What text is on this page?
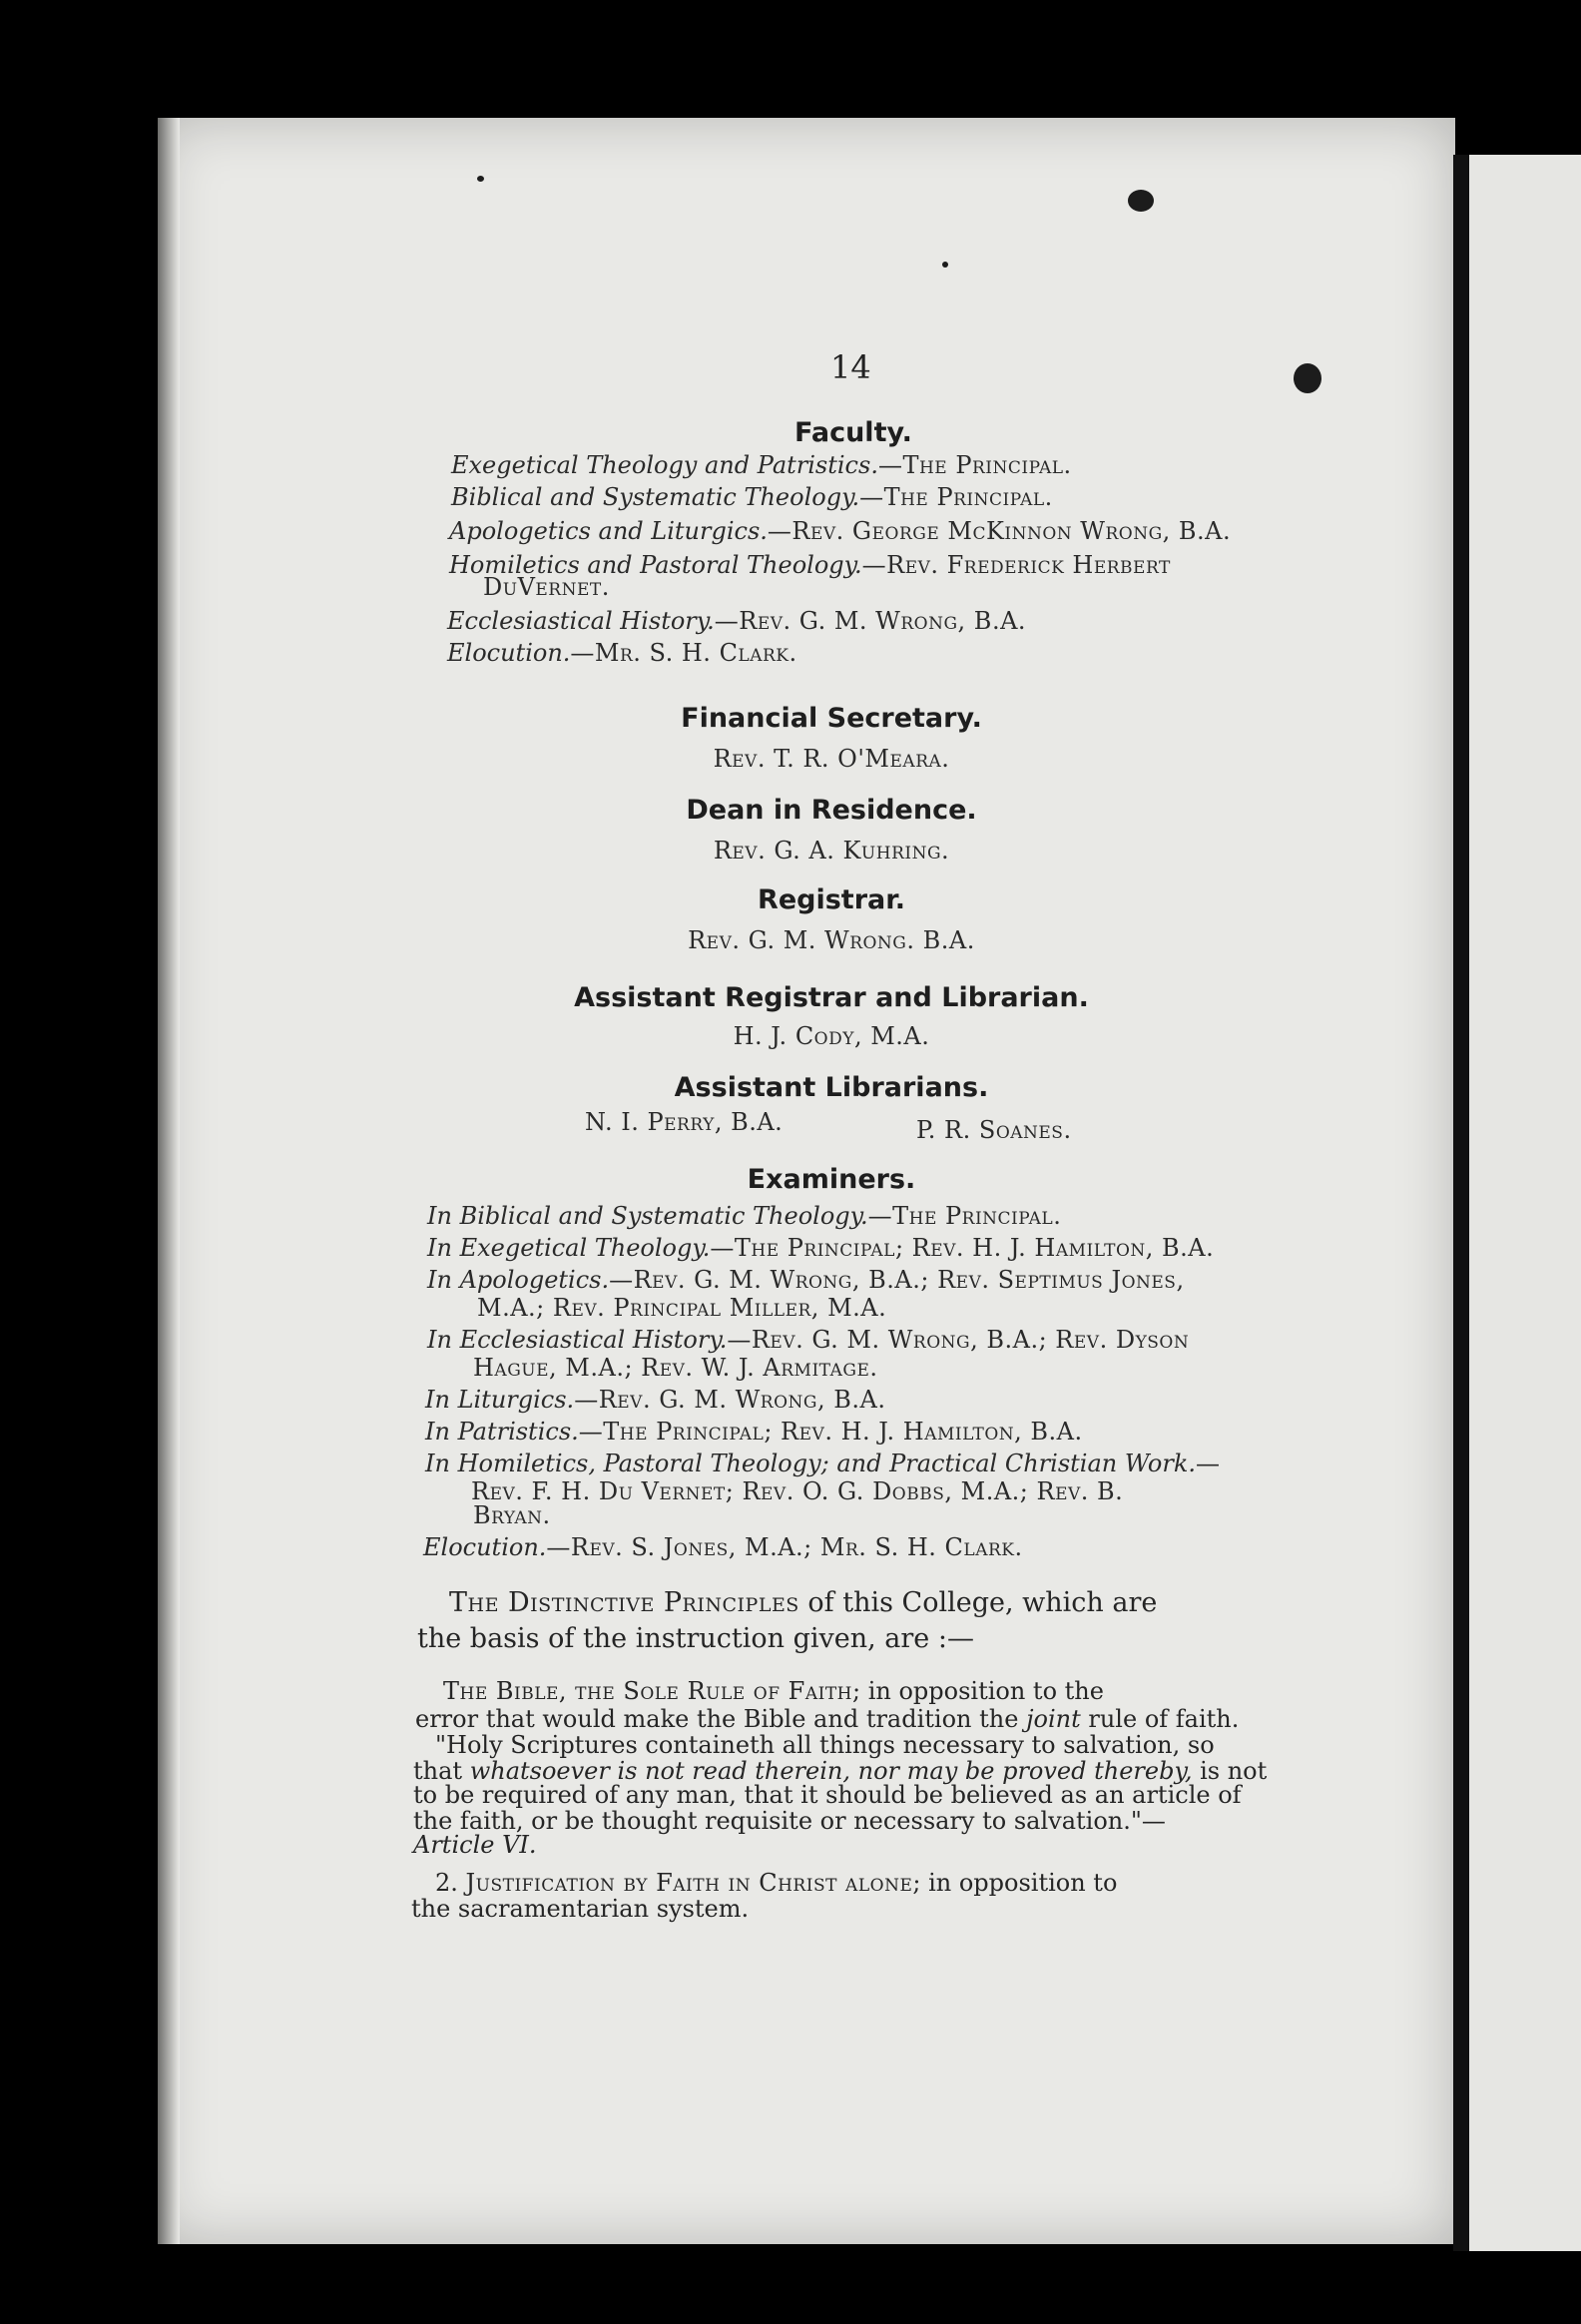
14
Faculty.
Exegetical Theology and Patristics.—The Principal.
Biblical and Systematic Theology.—The Principal.
Apologetics and Liturgics.—Rev. George McKinnon Wrong, B.A.
Homiletics and Pastoral Theology.—Rev. Frederick Herbert
DuVernet.
Ecclesiastical History.—Rev. G. M. Wrong, B.A.
Elocution.—Mr. S. H. Clark.
Financial Secretary.
Rev. T. R. O'Meara.
Dean in Residence.
Rev. G. A. Kuhring.
Registrar.
Rev. G. M. Wrong. B.A.
Assistant Registrar and Librarian.
H. J. Cody, M.A.
Assistant Librarians.
N. I. Perry, B.A.	P. R. Soanes.
Examiners.
In Biblical and Systematic Theology.—The Principal.
In Exegetical Theology.—The Principal; Rev. H. J. Hamilton, B.A.
In Apologetics.—Rev. G. M. Wrong, B.A.; Rev. Septimus Jones,
M.A.; Rev. Principal Miller, M.A.
In Ecclesiastical History.—Rev. G. M. Wrong, B.A.; Rev. Dyson
Hague, M.A.; Rev. W. J. Armitage.
In Liturgics.—Rev. G. M. Wrong, B.A.
In Patristics.—The Principal; Rev. H. J. Hamilton, B.A.
In Homiletics, Pastoral Theology; and Practical Christian Work.—
Rev. F. H. Du Vernet; Rev. O. G. Dobbs, M.A.; Rev. B.
Bryan.
Elocution.—Rev. S. Jones, M.A.; Mr. S. H. Clark.
The Distinctive Principles of this College, which are
the basis of the instruction given, are :—
The Bible, the Sole Rule of Faith; in opposition to the
error that would make the Bible and tradition the joint rule of faith.
"Holy Scriptures containeth all things necessary to salvation, so
that whatsoever is not read therein, nor may be proved thereby, is not
to be required of any man, that it should be believed as an article of
the faith, or be thought requisite or necessary to salvation."—
Article VI.
2. Justification by Faith in Christ alone; in opposition to
the sacramentarian system.
